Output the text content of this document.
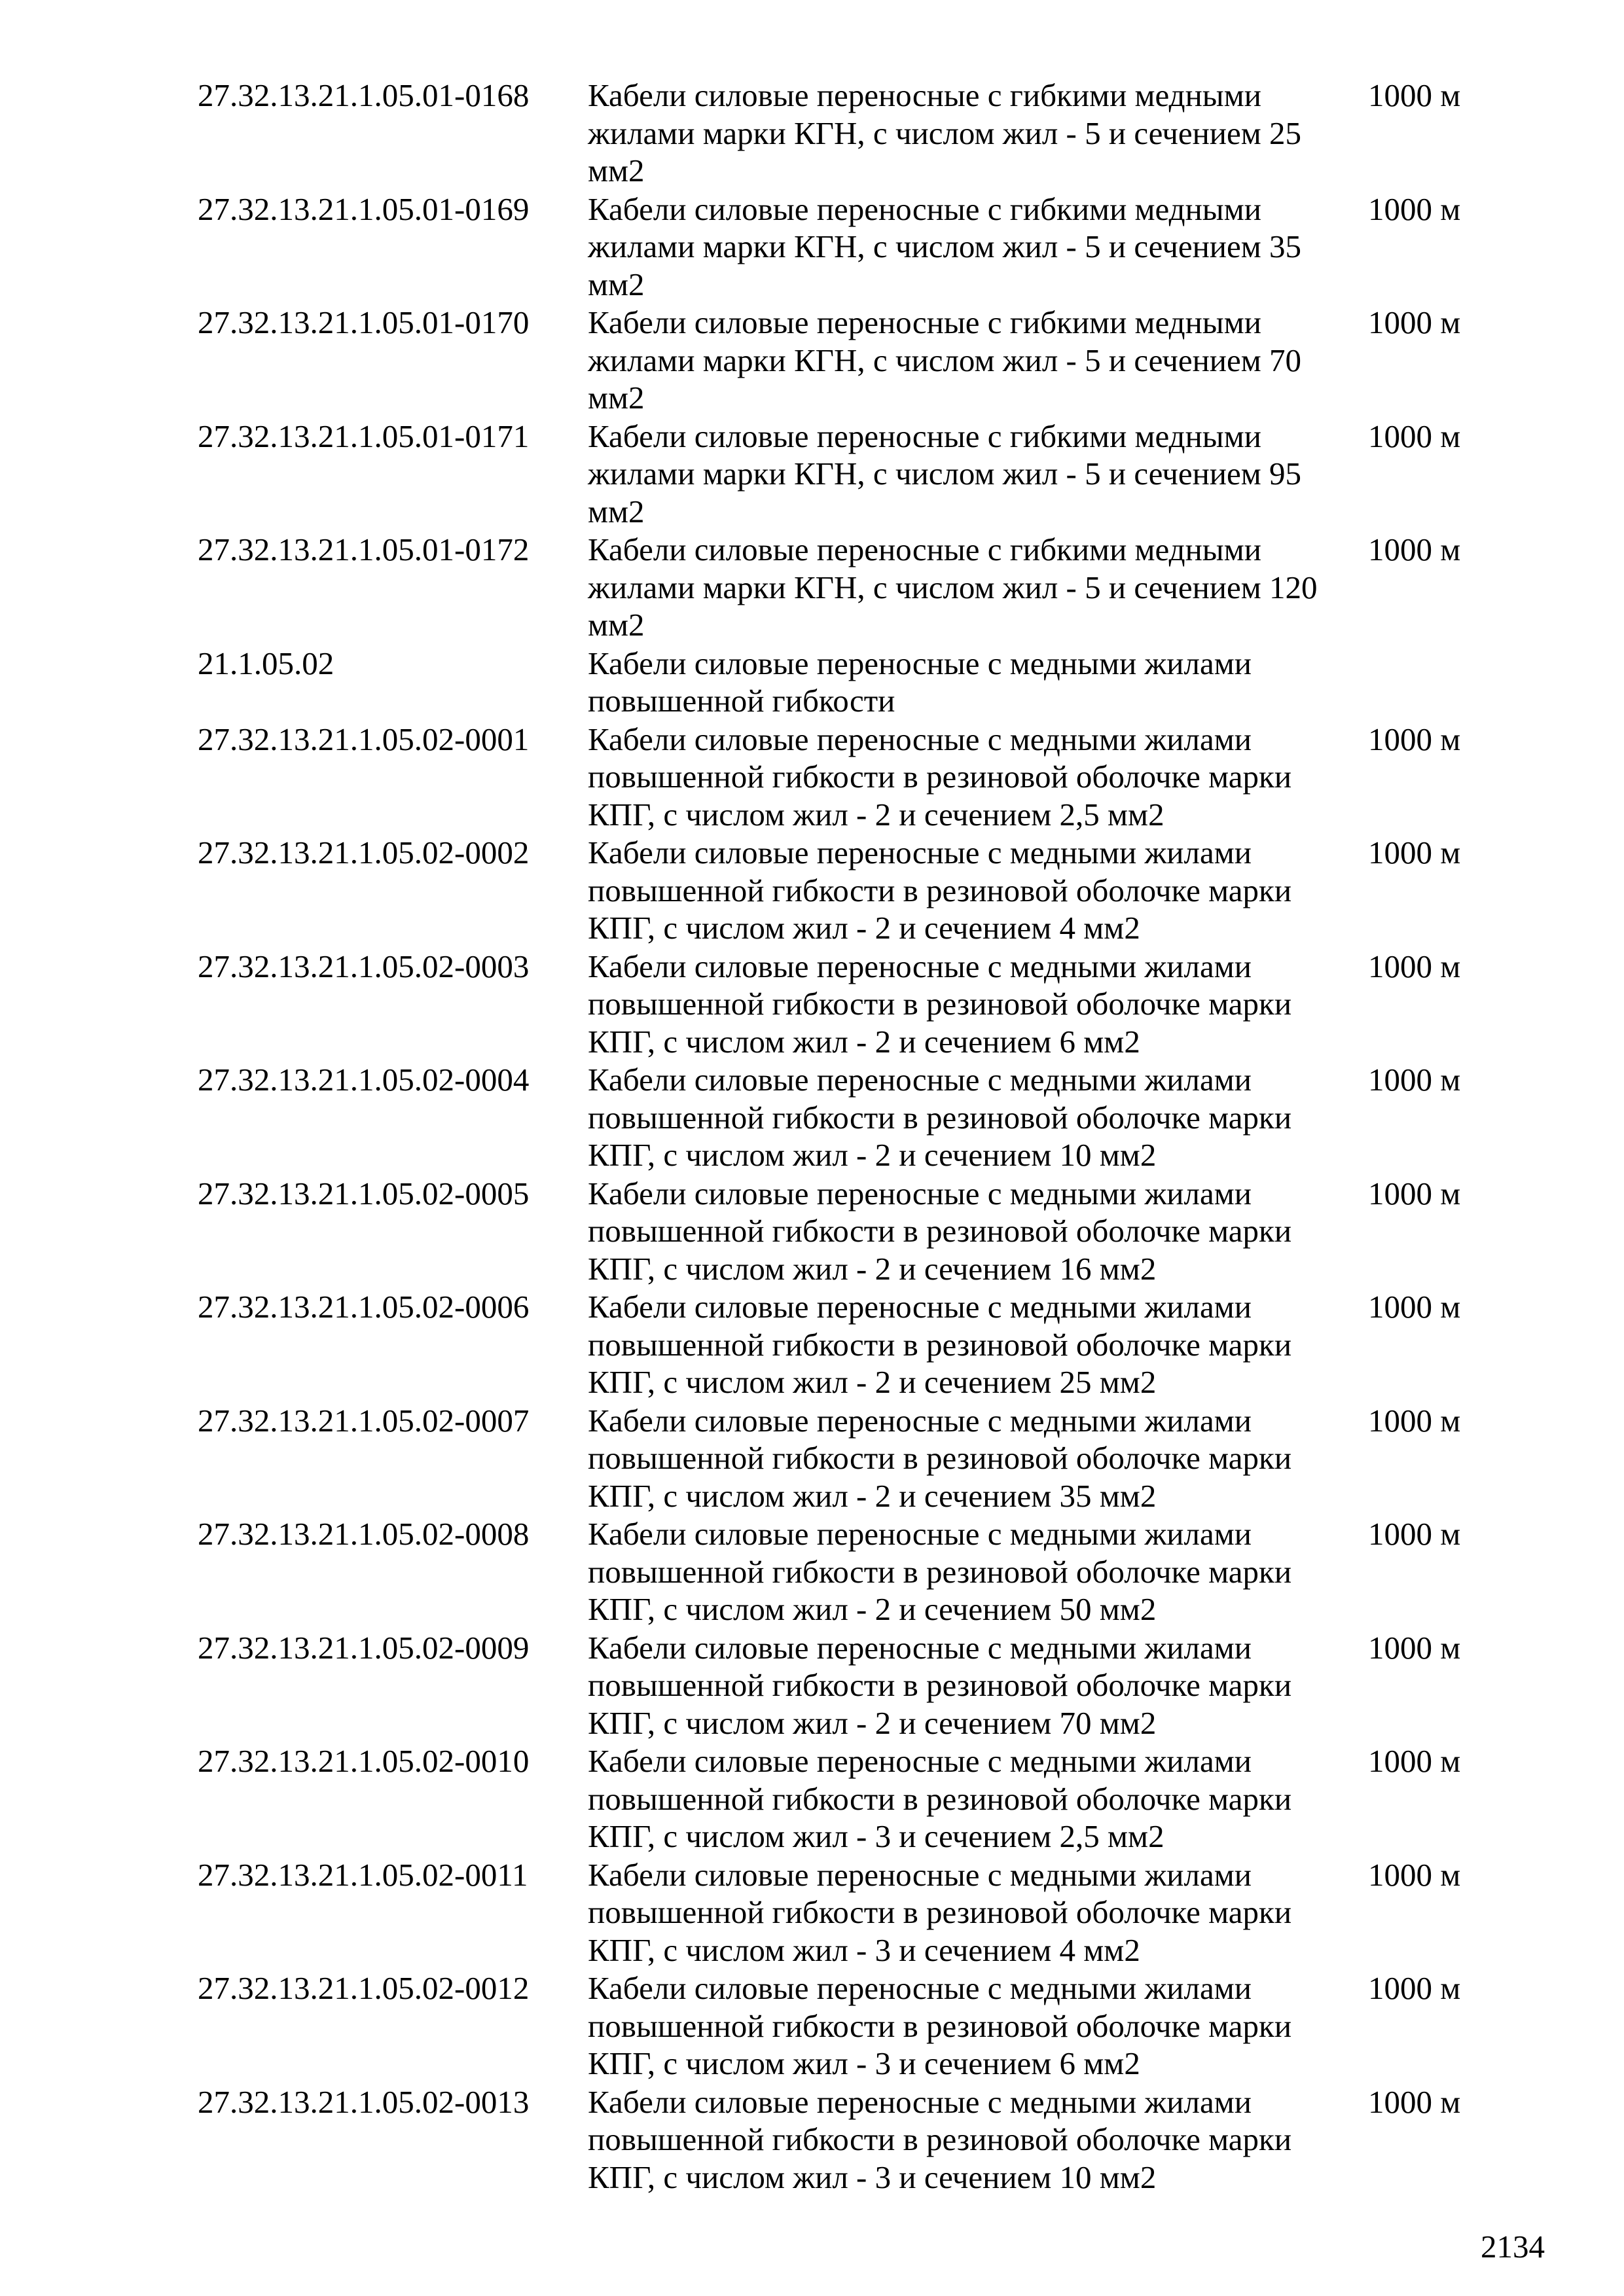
27.32.13.21.1.05.01-0168 Кабели силовые переносные с гибкими медными
жилами марки КГН, с числом жил - 5 и сечением 25
мм2
1000 м
27.32.13.21.1.05.01-0169 Кабели силовые переносные с гибкими медными
жилами марки КГН, с числом жил - 5 и сечением 35
мм2
1000 м
27.32.13.21.1.05.01-0170 Кабели силовые переносные с гибкими медными
жилами марки КГН, с числом жил - 5 и сечением 70
мм2
1000 м
27.32.13.21.1.05.01-0171 Кабели силовые переносные с гибкими медными
жилами марки КГН, с числом жил - 5 и сечением 95
мм2
1000 м
27.32.13.21.1.05.01-0172 Кабели силовые переносные с гибкими медными
жилами марки КГН, с числом жил - 5 и сечением 120
мм2
1000 м
21.1.05.02	Кабели силовые переносные с медными жилами
повышенной гибкости
27.32.13.21.1.05.02-0001 Кабели силовые переносные с медными жилами
повышенной гибкости в резиновой оболочке марки
КПГ, с числом жил - 2 и сечением 2,5 мм2
1000 м
27.32.13.21.1.05.02-0002 Кабели силовые переносные с медными жилами
повышенной гибкости в резиновой оболочке марки
КПГ, с числом жил - 2 и сечением 4 мм2
1000 м
27.32.13.21.1.05.02-0003 Кабели силовые переносные с медными жилами
повышенной гибкости в резиновой оболочке марки
КПГ, с числом жил - 2 и сечением 6 мм2
1000 м
27.32.13.21.1.05.02-0004 Кабели силовые переносные с медными жилами
повышенной гибкости в резиновой оболочке марки
КПГ, с числом жил - 2 и сечением 10 мм2
1000 м
27.32.13.21.1.05.02-0005 Кабели силовые переносные с медными жилами
повышенной гибкости в резиновой оболочке марки
КПГ, с числом жил - 2 и сечением 16 мм2
1000 м
27.32.13.21.1.05.02-0006 Кабели силовые переносные с медными жилами
повышенной гибкости в резиновой оболочке марки
КПГ, с числом жил - 2 и сечением 25 мм2
1000 м
27.32.13.21.1.05.02-0007 Кабели силовые переносные с медными жилами
повышенной гибкости в резиновой оболочке марки
КПГ, с числом жил - 2 и сечением 35 мм2
1000 м
27.32.13.21.1.05.02-0008 Кабели силовые переносные с медными жилами
повышенной гибкости в резиновой оболочке марки
КПГ, с числом жил - 2 и сечением 50 мм2
1000 м
27.32.13.21.1.05.02-0009 Кабели силовые переносные с медными жилами
повышенной гибкости в резиновой оболочке марки
КПГ, с числом жил - 2 и сечением 70 мм2
1000 м
27.32.13.21.1.05.02-0010 Кабели силовые переносные с медными жилами
повышенной гибкости в резиновой оболочке марки
КПГ, с числом жил - 3 и сечением 2,5 мм2
1000 м
27.32.13.21.1.05.02-0011 Кабели силовые переносные с медными жилами
повышенной гибкости в резиновой оболочке марки
КПГ, с числом жил - 3 и сечением 4 мм2
1000 м
27.32.13.21.1.05.02-0012 Кабели силовые переносные с медными жилами
повышенной гибкости в резиновой оболочке марки
КПГ, с числом жил - 3 и сечением 6 мм2
1000 м
27.32.13.21.1.05.02-0013 Кабели силовые переносные с медными жилами
повышенной гибкости в резиновой оболочке марки
КПГ, с числом жил - 3 и сечением 10 мм2
1000 м
2134
